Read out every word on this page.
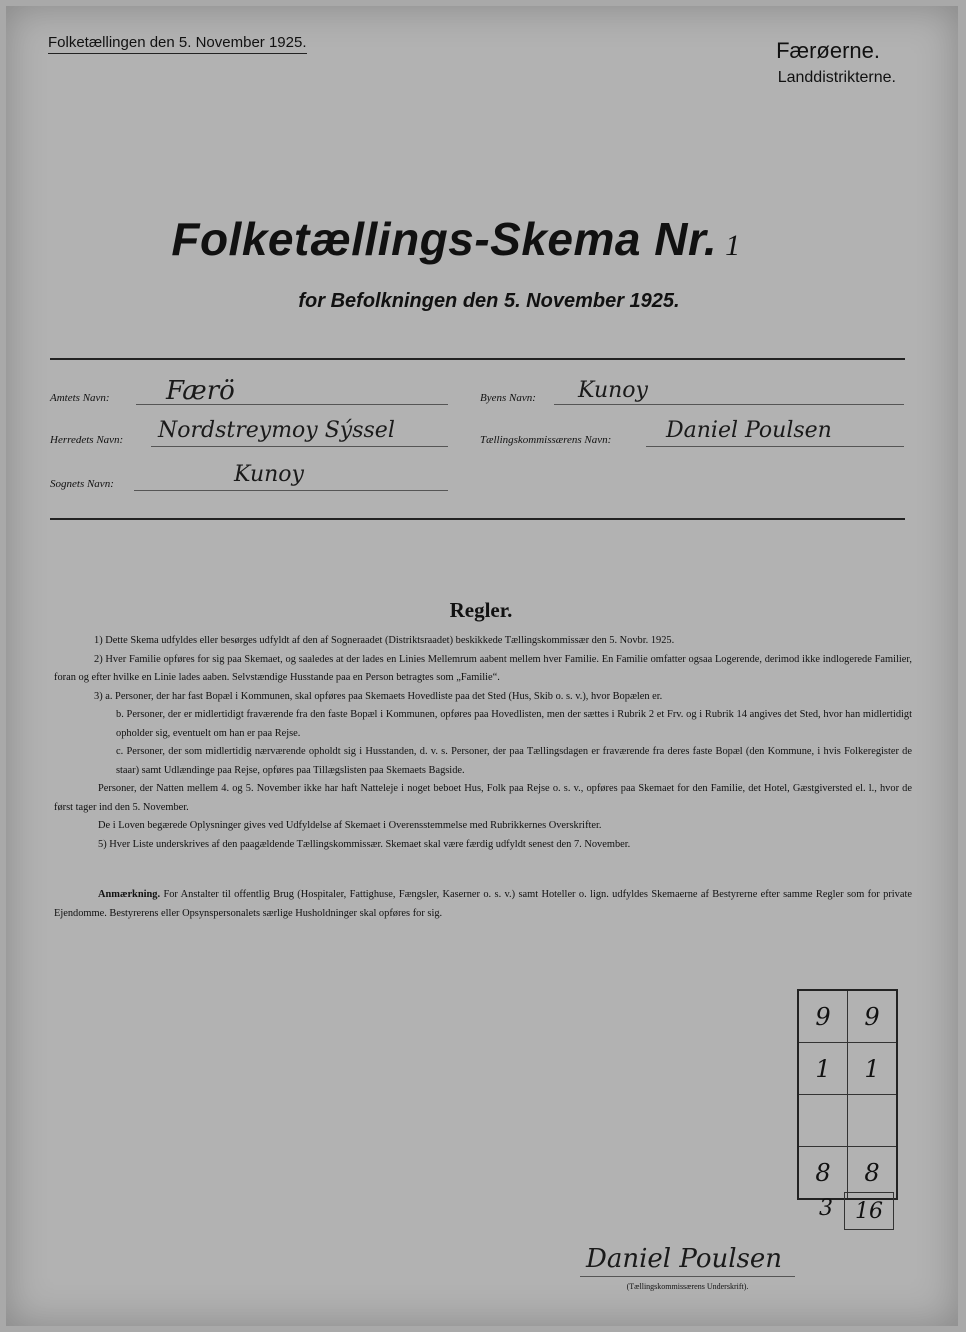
Folketællingen den 5. November 1925.	Færøerne.
Landdistrikterne.
Folketællings-Skema Nr. 1
for Befolkningen den 5. November 1925.
Amtets Navn: Færö
Herredets Navn: Nordstreymoy Sýssel
Sognets Navn:	Kunoy
Byens Navn: Kunoy
Tællingskommissærens Navn: Daniel Poulsen
Regler.

1) Dette Skema udfyldes eller besørges udfyldt af den af Sogneraadet (Distriktsraadet) beskikkede Tællingskommissær den 5. Novbr. 1925.

2) Hver Familie opføres for sig paa Skemaet, og saaledes at der lades en Linies Mellemrum aabent mellem hver Familie. En Familie omfatter ogsaa Logerende, derimod ikke indlogerede Familier, foran og efter hvilke en Linie lades aaben. Selvstændige Husstande paa en Person betragtes som „Familie“.

3) a. Personer, der har fast Bopæl i Kommunen, skal opføres paa Skemaets Hovedliste paa det Sted (Hus, Skib o. s. v.), hvor Bopælen er.

b. Personer, der er midlertidigt fraværende fra den faste Bopæl i Kommunen, opføres paa Hovedlisten, men der sættes i Rubrik 2 et Frv. og i Rubrik 14 angives det Sted, hvor han midlertidigt opholder sig, eventuelt om han er paa Rejse.

c. Personer, der som midlertidig nærværende opholdt sig i Husstanden, d. v. s. Personer, der paa Tællingsdagen er fraværende fra deres faste Bopæl (den Kommune, i hvis Folkeregister de staar) samt Udlændinge paa Rejse, opføres paa Tillægslisten paa Skemaets Bagside.

Personer, der Natten mellem 4. og 5. November ikke har haft Natteleje i noget beboet Hus, Folk paa Rejse o. s. v., opføres paa Skemaet for den Familie, det Hotel, Gæstgiversted el. l., hvor de først tager ind den 5. November.

De i Loven begærede Oplysninger gives ved Udfyldelse af Skemaet i Overensstemmelse med Rubrikkernes Overskrifter.

5) Hver Liste underskrives af den paagældende Tællingskommissær. Skemaet skal være færdig udfyldt senest den 7. November.

Anmærkning. For Anstalter til offentlig Brug (Hospitaler, Fattighuse, Fængsler, Kaserner o. s. v.) samt Hoteller o. lign. udfyldes Skemaerne af Bestyrerne efter samme Regler som for private Ejendomme. Bestyrerens eller Opsynspersonalets særlige Husholdninger skal opføres for sig.
9	9
1	1
8	8
3	16
Daniel Poulsen
(Tællingskommissærens Underskrift).
